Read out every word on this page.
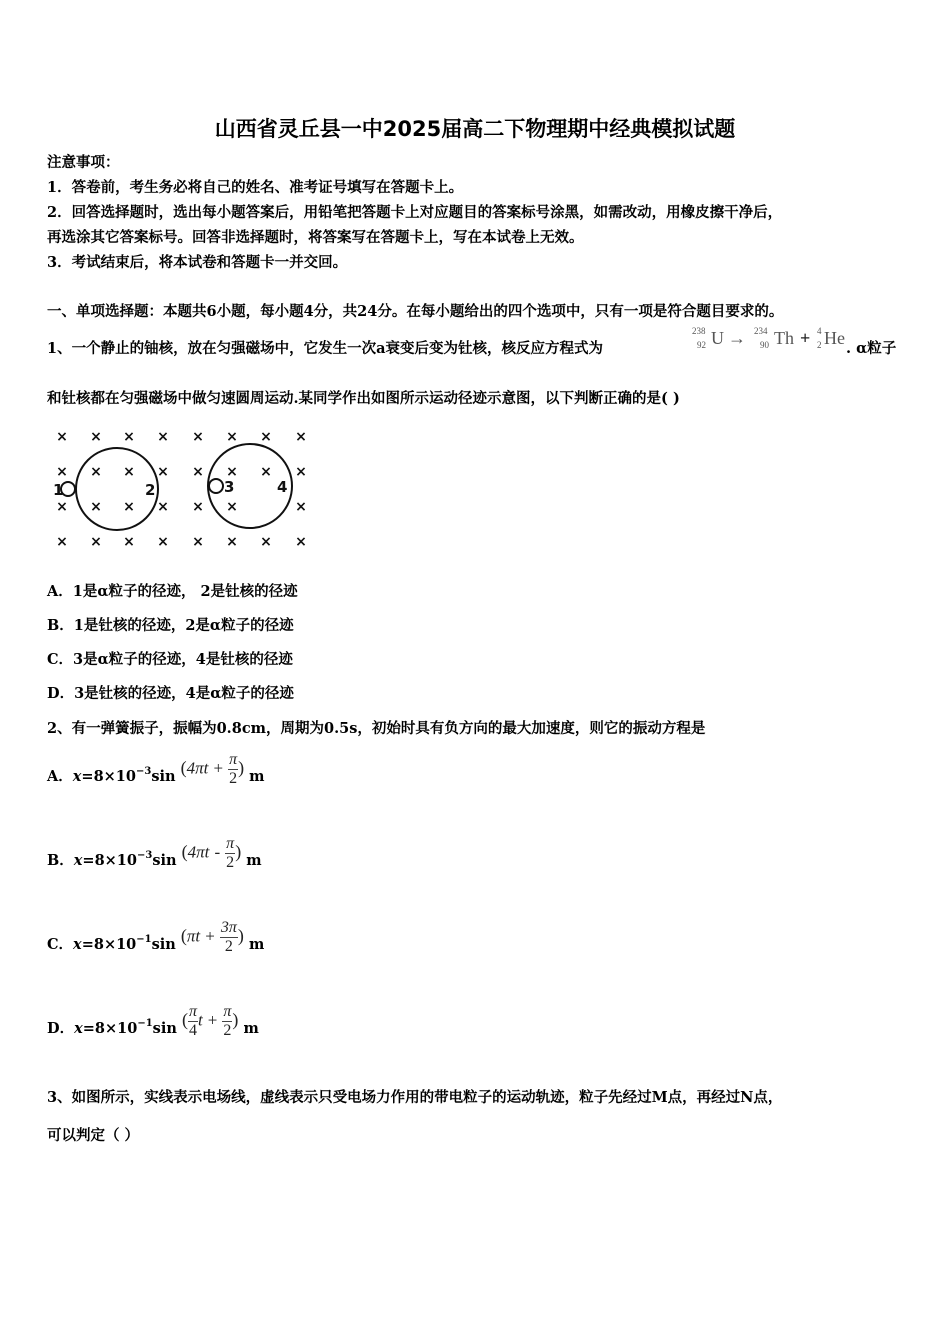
山西省灵丘县一中2025届高二下物理期中经典模拟试题
注意事项：
1．答卷前，考生务必将自己的姓名、准考证号填写在答题卡上。
2．回答选择题时，选出每小题答案后，用铅笔把答题卡上对应题目的答案标号涂黑，如需改动，用橡皮擦干净后，
再选涂其它答案标号。回答非选择题时，将答案写在答题卡上，写在本试卷上无效。
3．考试结束后，将本试卷和答题卡一并交回。
一、单项选择题：本题共6小题，每小题4分，共24分。在每小题给出的四个选项中，只有一项是符合题目要求的。
1、一个静止的铀核，放在匀强磁场中，它发生一次a衰变后变为钍核，核反应方程式为
238
92 U → 234
90 Th + 4
2 He
. α粒子
和钍核都在匀强磁场中做匀速圆周运动.某同学作出如图所示运动径迹示意图，以下判断正确的是( )
× × × × × × × ×
× × × × × × × ×
× × × × × ×	×
× × × × × × × ×
1	2	3	4
A．1是α粒子的径迹， 2是钍核的径迹
B．1是钍核的径迹，2是α粒子的径迹
C．3是α粒子的径迹，4是钍核的径迹
D．3是钍核的径迹，4是α粒子的径迹
2、有一弹簧振子，振幅为0.8cm，周期为0.5s，初始时具有负方向的最大加速度，则它的振动方程是
A．$x=8\times 10^{-3}\sin$ ($4\pi t + \frac{\pi}{2}$ ) m
B．$x=8\times 10^{-3}\sin$ ($4\pi t - \frac{\pi}{2}$ ) m
C．$x=8\times 10^{-1}\sin$ ($\pi t + \frac{3\pi}{2}$ ) m
D．$x=8\times 10^{-1}\sin$ ( $\frac{\pi}{4}$ $t + \frac{\pi}{2}$ ) m
3、如图所示，实线表示电场线，虚线表示只受电场力作用的带电粒子的运动轨迹，粒子先经过M点，再经过N点，
可以判定（ ）
